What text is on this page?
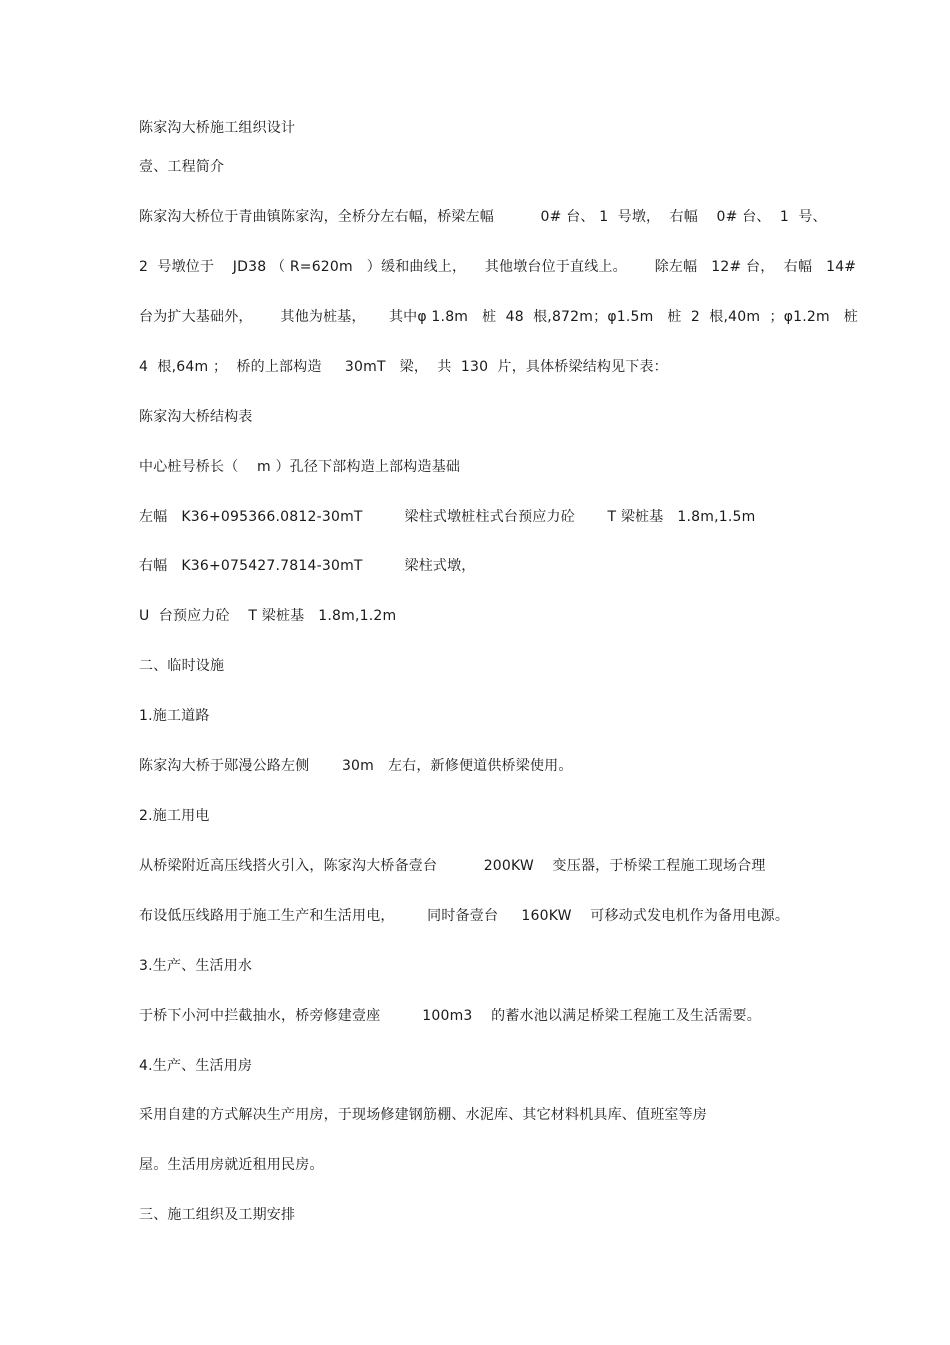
陈家沟大桥施工组织设计
壹、工程简介
陈家沟大桥位于青曲镇陈家沟，全桥分左右幅，桥梁左幅          0# 台、 1  号墩，  右幅    0# 台、  1  号、
2  号墩位于    JD38 （ R=620m   ）缓和曲线上，    其他墩台位于直线上。      除左幅   12# 台，  右幅   14#
台为扩大基础外，      其他为桩基，     其中φ 1.8m   桩  48  根,872m；φ1.5m   桩  2  根,40m  ；φ1.2m   桩
4  根,64m ；  桥的上部构造     30mT   梁，  共  130  片，具体桥梁结构见下表：
陈家沟大桥结构表
中心桩号桥长（    m ）孔径下部构造上部构造基础
左幅   K36+095366.0812-30mT         梁柱式墩桩柱式台预应力砼       T 梁桩基   1.8m,1.5m
右幅   K36+075427.7814-30mT         梁柱式墩，
U  台预应力砼    T 梁桩基   1.8m,1.2m
二、临时设施
1.施工道路
陈家沟大桥于郧漫公路左侧       30m   左右，新修便道供桥梁使用。
2.施工用电
从桥梁附近高压线搭火引入，陈家沟大桥备壹台          200KW    变压器，于桥梁工程施工现场合理
布设低压线路用于施工生产和生活用电，       同时备壹台     160KW    可移动式发电机作为备用电源。
3.生产、生活用水
于桥下小河中拦截抽水，桥旁修建壹座         100m3    的蓄水池以满足桥梁工程施工及生活需要。
4.生产、生活用房
采用自建的方式解决生产用房，于现场修建钢筋棚、水泥库、其它材料机具库、值班室等房
屋。生活用房就近租用民房。
三、施工组织及工期安排
